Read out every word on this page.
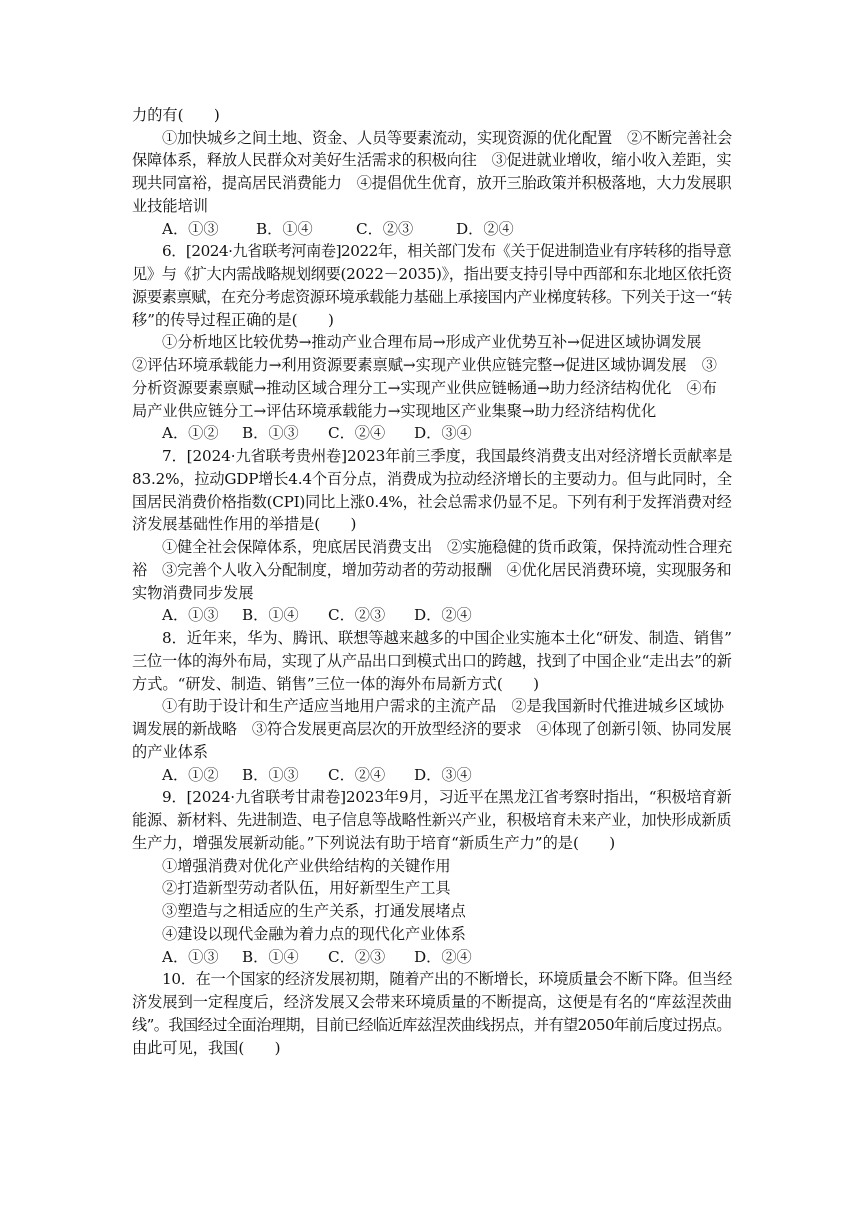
力的有(　　)
①加快城乡之间土地、资金、人员等要素流动，实现资源的优化配置　②不断完善社会
保障体系，释放人民群众对美好生活需求的积极向往　③促进就业增收，缩小收入差距，实
现共同富裕，提高居民消费能力　④提倡优生优育，放开三胎政策并积极落地，大力发展职
业技能培训
A．①③ B．①④	C．②③	D．②④
6．[2024·九省联考河南卷]2022年，相关部门发布《关于促进制造业有序转移的指导意
见》与《扩大内需战略规划纲要(2022－2035)》，指出要支持引导中西部和东北地区依托资
源要素禀赋，在充分考虑资源环境承载能力基础上承接国内产业梯度转移。下列关于这一“转
移”的传导过程正确的是(　　)
①分析地区比较优势→推动产业合理布局→形成产业优势互补→促进区域协调发展
②评估环境承载能力→利用资源要素禀赋→实现产业供应链完整→促进区域协调发展　③
分析资源要素禀赋→推动区域合理分工→实现产业供应链畅通→助力经济结构优化　④布
局产业供应链分工→评估环境承载能力→实现地区产业集聚→助力经济结构优化
A．①② B．①③ C．②④ D．③④
7．[2024·九省联考贵州卷]2023年前三季度，我国最终消费支出对经济增长贡献率是
83.2%，拉动GDP增长4.4个百分点，消费成为拉动经济增长的主要动力。但与此同时，全
国居民消费价格指数(CPI)同比上涨0.4%，社会总需求仍显不足。下列有利于发挥消费对经
济发展基础性作用的举措是(　　)
①健全社会保障体系，兜底居民消费支出　②实施稳健的货币政策，保持流动性合理充
裕　③完善个人收入分配制度，增加劳动者的劳动报酬　④优化居民消费环境，实现服务和
实物消费同步发展
A．①③ B．①④ C．②③ D．②④
8．近年来，华为、腾讯、联想等越来越多的中国企业实施本土化“研发、制造、销售”
三位一体的海外布局，实现了从产品出口到模式出口的跨越，找到了中国企业“走出去”的新
方式。“研发、制造、销售”三位一体的海外布局新方式(　　)
①有助于设计和生产适应当地用户需求的主流产品　②是我国新时代推进城乡区域协
调发展的新战略　③符合发展更高层次的开放型经济的要求　④体现了创新引领、协同发展
的产业体系
A．①② B．①③ C．②④ D．③④
9．[2024·九省联考甘肃卷]2023年9月，习近平在黑龙江省考察时指出，“积极培育新
能源、新材料、先进制造、电子信息等战略性新兴产业，积极培育未来产业，加快形成新质
生产力，增强发展新动能。”下列说法有助于培育“新质生产力”的是(　　)
①增强消费对优化产业供给结构的关键作用
②打造新型劳动者队伍，用好新型生产工具
③塑造与之相适应的生产关系，打通发展堵点
④建设以现代金融为着力点的现代化产业体系
A．①③ B．①④ C．②③ D．②④
10．在一个国家的经济发展初期，随着产出的不断增长，环境质量会不断下降。但当经
济发展到一定程度后，经济发展又会带来环境质量的不断提高，这便是有名的“库兹涅茨曲
线”。我国经过全面治理期，目前已经临近库兹涅茨曲线拐点，并有望2050年前后度过拐点。
由此可见，我国(　　)
